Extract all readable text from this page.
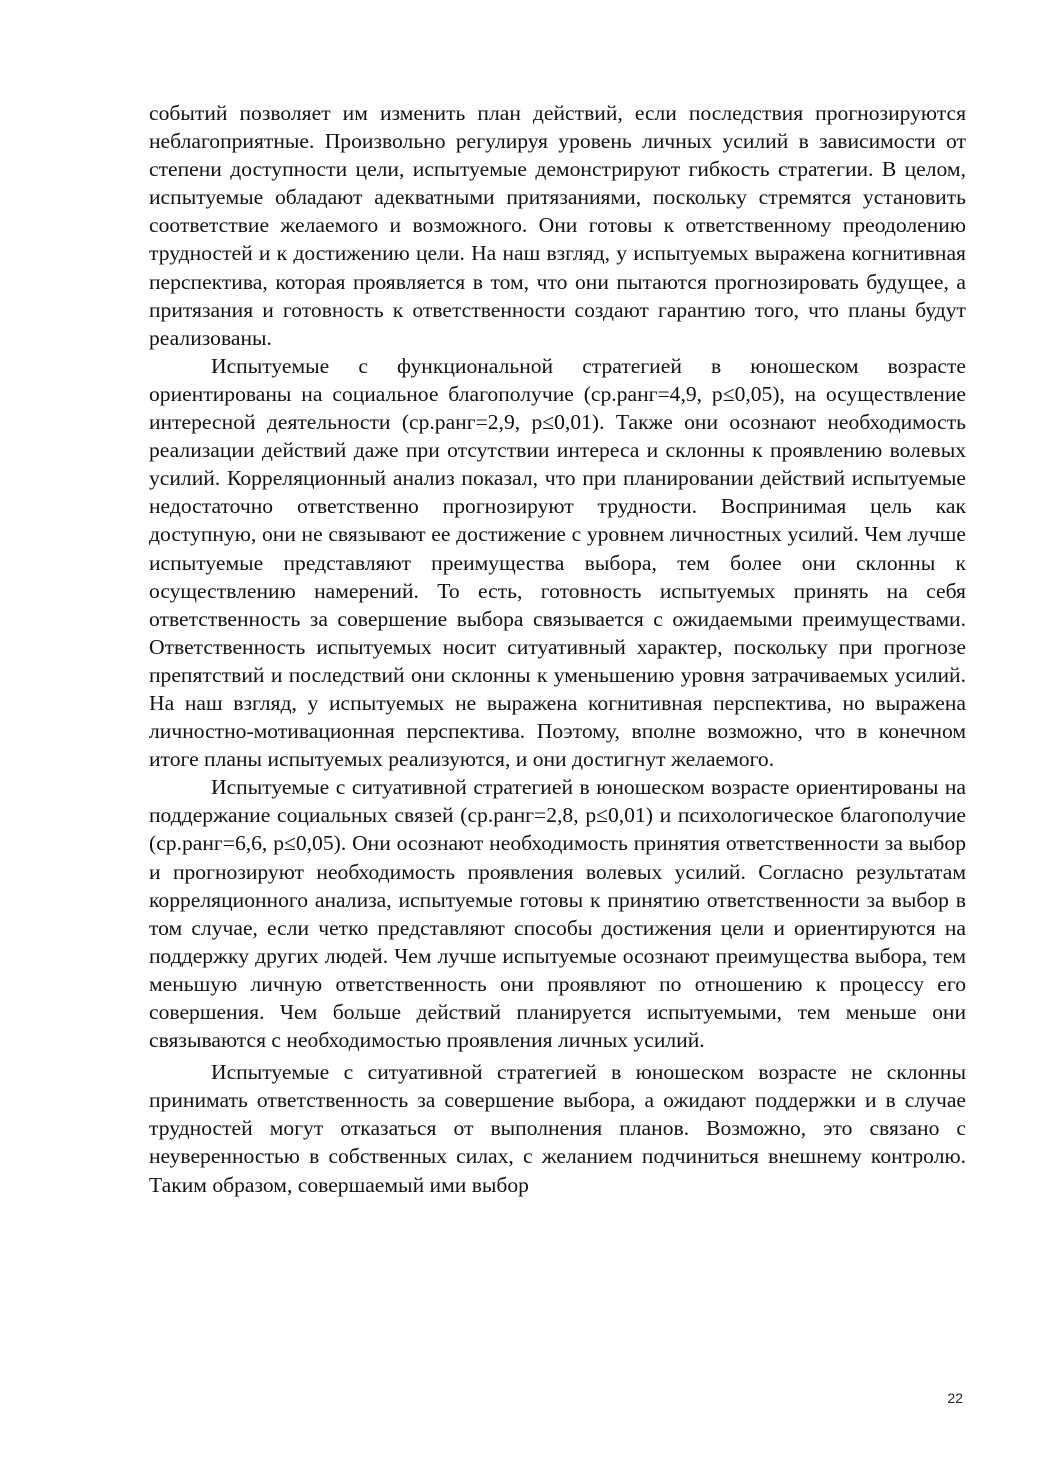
событий позволяет им изменить план действий, если последствия прогнозируются неблагоприятные. Произвольно регулируя уровень личных усилий в зависимости от степени доступности цели, испытуемые демонстрируют гибкость стратегии. В целом, испытуемые обладают адекватными притязаниями, поскольку стремятся установить соответствие желаемого и возможного. Они готовы к ответственному преодолению трудностей и к достижению цели. На наш взгляд, у испытуемых выражена когнитивная перспектива, которая проявляется в том, что они пытаются прогнозировать будущее, а притязания и готовность к ответственности создают гарантию того, что планы будут реализованы.

Испытуемые с функциональной стратегией в юношеском возрасте ориентированы на социальное благополучие (ср.ранг=4,9, p≤0,05), на осуществление интересной деятельности (ср.ранг=2,9, p≤0,01). Также они осознают необходимость реализации действий даже при отсутствии интереса и склонны к проявлению волевых усилий. Корреляционный анализ показал, что при планировании действий испытуемые недостаточно ответственно прогнозируют трудности. Воспринимая цель как доступную, они не связывают ее достижение с уровнем личностных усилий. Чем лучше испытуемые представляют преимущества выбора, тем более они склонны к осуществлению намерений. То есть, готовность испытуемых принять на себя ответственность за совершение выбора связывается с ожидаемыми преимуществами. Ответственность испытуемых носит ситуативный характер, поскольку при прогнозе препятствий и последствий они склонны к уменьшению уровня затрачиваемых усилий. На наш взгляд, у испытуемых не выражена когнитивная перспектива, но выражена личностно-мотивационная перспектива. Поэтому, вполне возможно, что в конечном итоге планы испытуемых реализуются, и они достигнут желаемого.

Испытуемые с ситуативной стратегией в юношеском возрасте ориентированы на поддержание социальных связей (ср.ранг=2,8, p≤0,01) и психологическое благополучие (ср.ранг=6,6, p≤0,05). Они осознают необходимость принятия ответственности за выбор и прогнозируют необходимость проявления волевых усилий. Согласно результатам корреляционного анализа, испытуемые готовы к принятию ответственности за выбор в том случае, если четко представляют способы достижения цели и ориентируются на поддержку других людей. Чем лучше испытуемые осознают преимущества выбора, тем меньшую личную ответственность они проявляют по отношению к процессу его совершения. Чем больше действий планируется испытуемыми, тем меньше они связываются с необходимостью проявления личных усилий.

Испытуемые с ситуативной стратегией в юношеском возрасте не склонны принимать ответственность за совершение выбора, а ожидают поддержки и в случае трудностей могут отказаться от выполнения планов. Возможно, это связано с неуверенностью в собственных силах, с желанием подчиниться внешнему контролю. Таким образом, совершаемый ими выбор

22
